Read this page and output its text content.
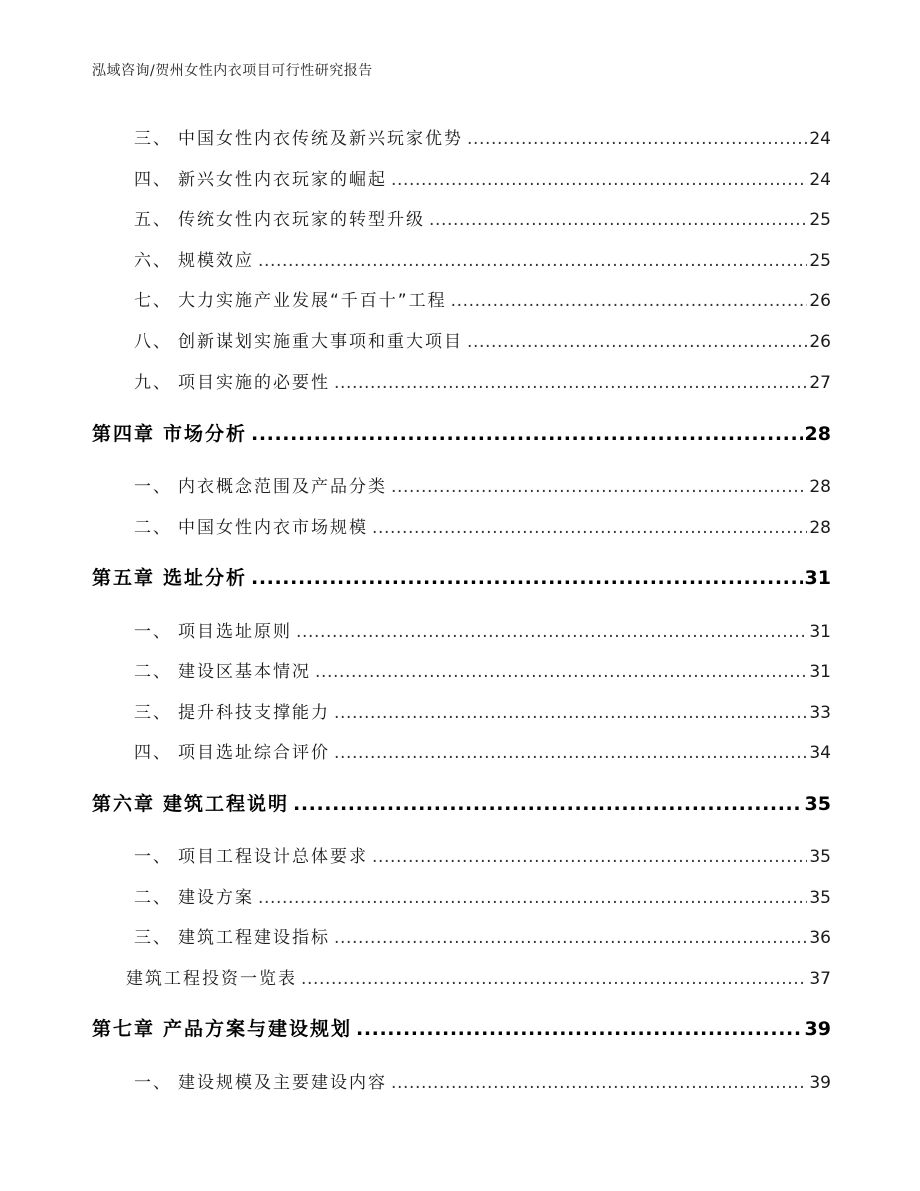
泓域咨询/贺州女性内衣项目可行性研究报告
三、 中国女性内衣传统及新兴玩家优势 .....	24
四、 新兴女性内衣玩家的崛起 .....	24
五、 传统女性内衣玩家的转型升级 .....	25
六、 规模效应 .....	25
七、 大力实施产业发展“千百十”工程 .....	26
八、 创新谋划实施重大事项和重大项目 .....	26
九、 项目实施的必要性 .....	27
第四章 市场分析 .....	28
一、 内衣概念范围及产品分类 .....	28
二、 中国女性内衣市场规模 .....	28
第五章 选址分析 .....	31
一、 项目选址原则 .....	31
二、 建设区基本情况 .....	31
三、 提升科技支撑能力 .....	33
四、 项目选址综合评价 .....	34
第六章 建筑工程说明 .....	35
一、 项目工程设计总体要求 .....	35
二、 建设方案 .....	35
三、 建筑工程建设指标 .....	36
建筑工程投资一览表 .....	37
第七章 产品方案与建设规划 .....	39
一、 建设规模及主要建设内容 .....	39
